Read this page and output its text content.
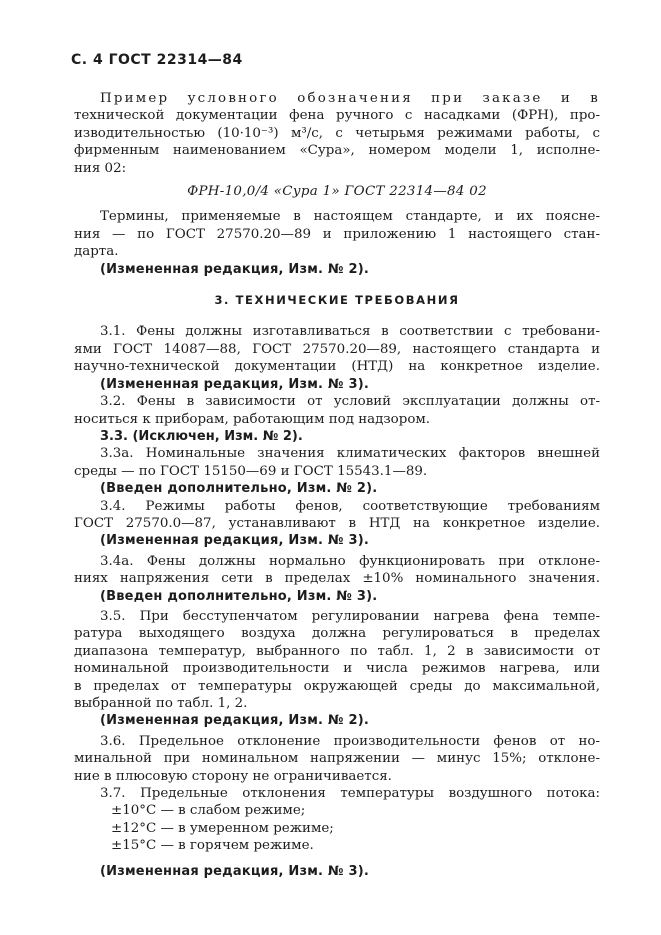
С. 4 ГОСТ 22314—84
Пример условного обозначения при заказе и в
технической документации фена ручного с насадками (ФРН), про-
изводительностью (10·10⁻³) м³/с, с четырьмя режимами работы, с
фирменным наименованием «Сура», номером модели 1, исполне-
ния 02:
ФРН-10,0/4 «Сура 1» ГОСТ 22314—84 02
Термины, применяемые в настоящем стандарте, и их поясне-
ния — по ГОСТ 27570.20—89 и приложению 1 настоящего стан-
дарта.
(Измененная редакция, Изм. № 2).
3. ТЕХНИЧЕСКИЕ ТРЕБОВАНИЯ
3.1. Фены должны изготавливаться в соответствии с требовани-
ями ГОСТ 14087—88, ГОСТ 27570.20—89, настоящего стандарта и
научно-технической документации (НТД) на конкретное изделие.
(Измененная редакция, Изм. № 3).
3.2. Фены в зависимости от условий эксплуатации должны от-
носиться к приборам, работающим под надзором.
3.3. (Исключен, Изм. № 2).
3.3а. Номинальные значения климатических факторов внешней
среды — по ГОСТ 15150—69 и ГОСТ 15543.1—89.
(Введен дополнительно, Изм. № 2).
3.4. Режимы работы фенов, соответствующие требованиям
ГОСТ 27570.0—87, устанавливают в НТД на конкретное изделие.
(Измененная редакция, Изм. № 3).
3.4а. Фены должны нормально функционировать при отклоне-
ниях напряжения сети в пределах ±10% номинального значения.
(Введен дополнительно, Изм. № 3).
3.5. При бесступенчатом регулировании нагрева фена темпе-
ратура выходящего воздуха должна регулироваться в пределах
диапазона температур, выбранного по табл. 1, 2 в зависимости от
номинальной производительности и числа режимов нагрева, или
в пределах от температуры окружающей среды до максимальной,
выбранной по табл. 1, 2.
(Измененная редакция, Изм. № 2).
3.6. Предельное отклонение производительности фенов от но-
минальной при номинальном напряжении — минус 15%; отклоне-
ние в плюсовую сторону не ограничивается.
3.7. Предельные отклонения температуры воздушного потока:
±10°С — в слабом режиме;
±12°С — в умеренном режиме;
±15°С — в горячем режиме.
(Измененная редакция, Изм. № 3).
